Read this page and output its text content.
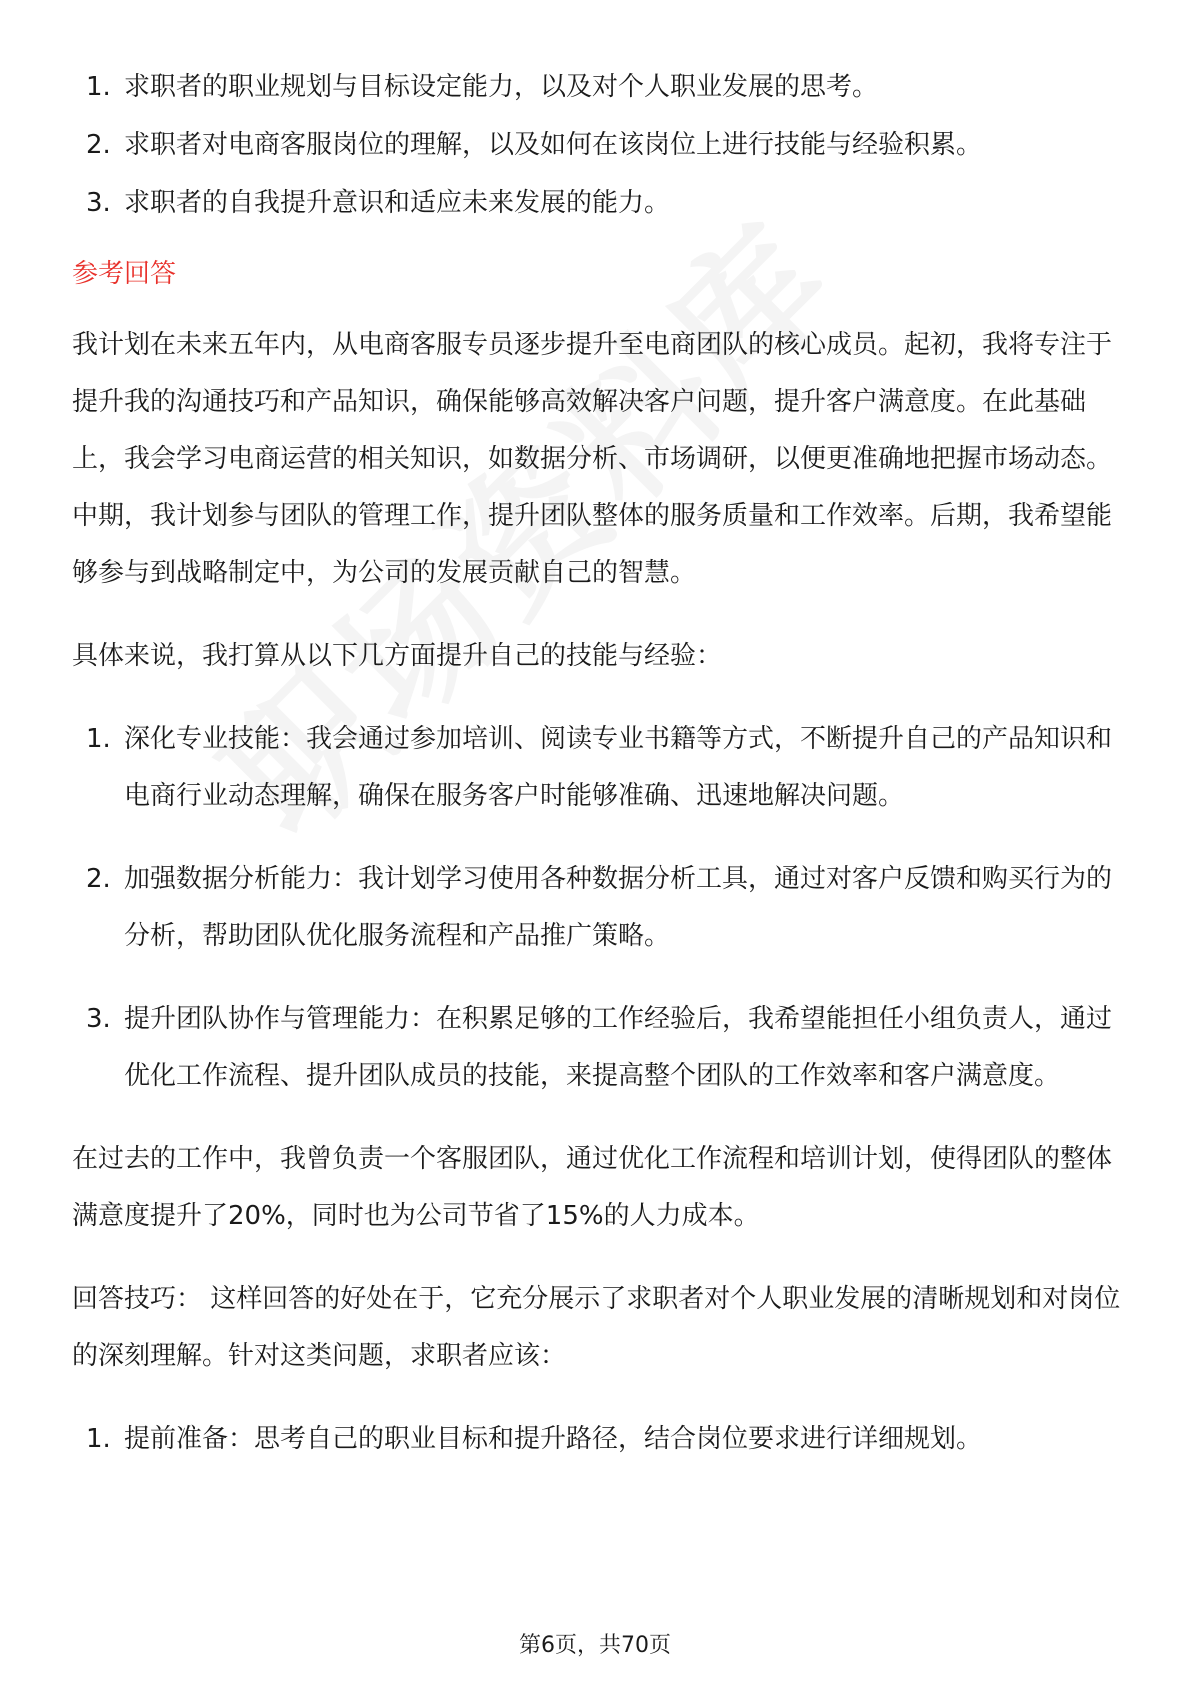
1. 求职者的职业规划与目标设定能力，以及对个人职业发展的思考。
2. 求职者对电商客服岗位的理解，以及如何在该岗位上进行技能与经验积累。
3. 求职者的自我提升意识和适应未来发展的能力。
参考回答

我计划在未来五年内，从电商客服专员逐步提升至电商团队的核心成员。起初，我将专注于提升我的沟通技巧和产品知识，确保能够高效解决客户问题，提升客户满意度。在此基础上，我会学习电商运营的相关知识，如数据分析、市场调研，以便更准确地把握市场动态。中期，我计划参与团队的管理工作，提升团队整体的服务质量和工作效率。后期，我希望能够参与到战略制定中，为公司的发展贡献自己的智慧。

具体来说，我打算从以下几方面提升自己的技能与经验：

1. 深化专业技能：我会通过参加培训、阅读专业书籍等方式，不断提升自己的产品知识和电商行业动态理解，确保在服务客户时能够准确、迅速地解决问题。
2. 加强数据分析能力：我计划学习使用各种数据分析工具，通过对客户反馈和购买行为的分析，帮助团队优化服务流程和产品推广策略。
3. 提升团队协作与管理能力：在积累足够的工作经验后，我希望能担任小组负责人，通过优化工作流程、提升团队成员的技能，来提高整个团队的工作效率和客户满意度。

在过去的工作中，我曾负责一个客服团队，通过优化工作流程和培训计划，使得团队的整体满意度提升了20%，同时也为公司节省了15%的人力成本。

回答技巧： 这样回答的好处在于，它充分展示了求职者对个人职业发展的清晰规划和对岗位的深刻理解。针对这类问题，求职者应该：

1. 提前准备：思考自己的职业目标和提升路径，结合岗位要求进行详细规划。
第6页，共70页
